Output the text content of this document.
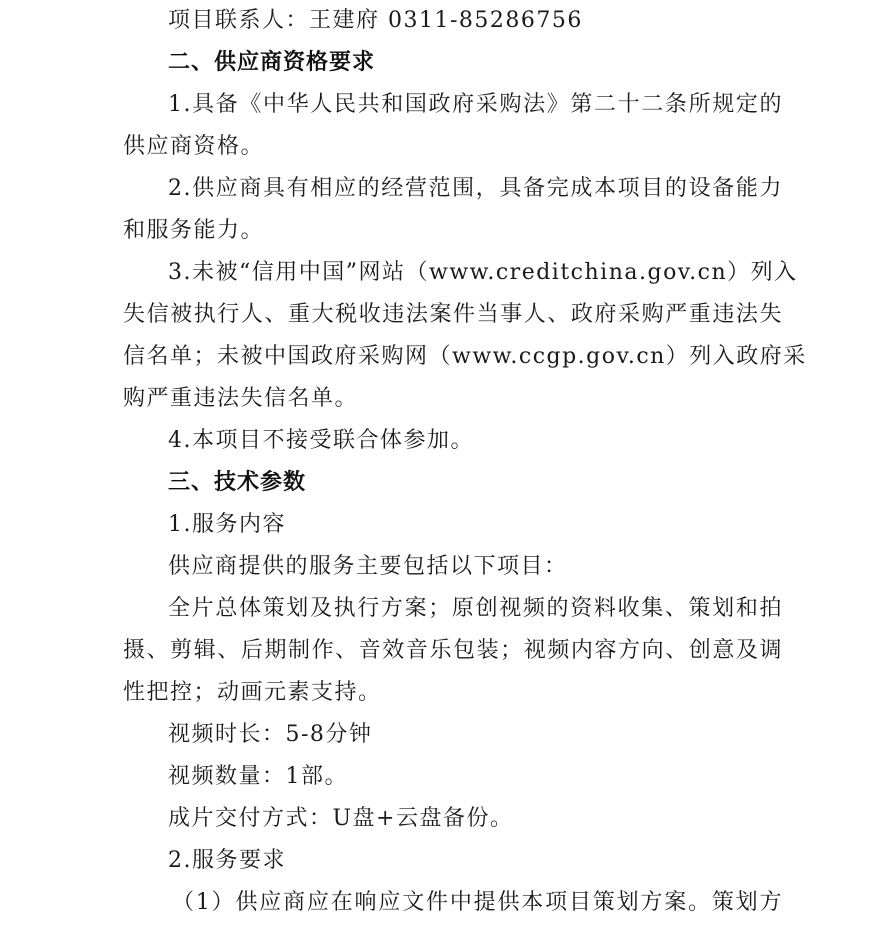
项目联系人：王建府 0311-85286756
二、供应商资格要求
1.具备《中华人民共和国政府采购法》第二十二条所规定的
供应商资格。
2.供应商具有相应的经营范围，具备完成本项目的设备能力
和服务能力。
3.未被“信用中国”网站（www.creditchina.gov.cn）列入
失信被执行人、重大税收违法案件当事人、政府采购严重违法失
信名单；未被中国政府采购网（www.ccgp.gov.cn）列入政府采
购严重违法失信名单。
4.本项目不接受联合体参加。
三、技术参数
1.服务内容
供应商提供的服务主要包括以下项目：
全片总体策划及执行方案；原创视频的资料收集、策划和拍
摄、剪辑、后期制作、音效音乐包装；视频内容方向、创意及调
性把控；动画元素支持。
视频时长：5-8分钟
视频数量：1部。
成片交付方式：U盘+云盘备份。
2.服务要求
（1）供应商应在响应文件中提供本项目策划方案。策划方
